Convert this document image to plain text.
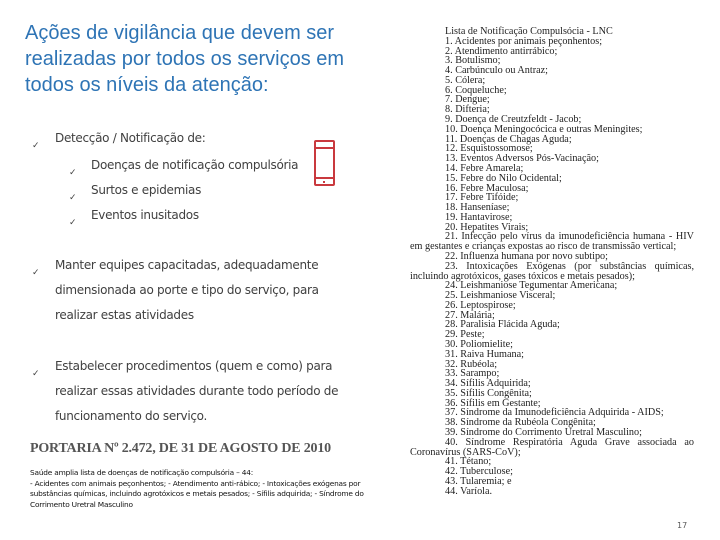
Ações de vigilância que devem ser realizadas por todos os serviços em todos os níveis da atenção:
✓
Detecção / Notificação de:
✓
Doenças de notificação compulsória
✓
Surtos e epidemias
✓
Eventos inusitados
✓
Manter equipes capacitadas, adequadamente
dimensionada ao porte e tipo do serviço, para
realizar estas atividades
✓
Estabelecer procedimentos (quem e como) para
realizar essas atividades durante todo período de
funcionamento do serviço.
PORTARIA Nº 2.472, DE 31 DE AGOSTO DE 2010
Saúde amplia lista de doenças de notificação compulsória – 44:
- Acidentes com animais peçonhentos; - Atendimento anti-rábico; - Intoxicações exógenas por substâncias químicas, incluindo agrotóxicos e metais pesados; - Sífilis adquirida; - Síndrome do Corrimento Uretral Masculino
Lista de Notificação Compulsócia - LNC

1. Acidentes por animais peçonhentos;

2. Atendimento antirrábico;

3. Botulismo;

4. Carbúnculo ou Antraz;

5. Cólera;

6. Coqueluche;

7. Dengue;

8. Difteria;

9. Doença de Creutzfeldt - Jacob;

10. Doença Meningocócica e outras Meningites;

11. Doenças de Chagas Aguda;

12. Esquistossomose;

13. Eventos Adversos Pós-Vacinação;

14. Febre Amarela;

15. Febre do Nilo Ocidental;

16. Febre Maculosa;

17. Febre Tifóide;

18. Hanseníase;

19. Hantavirose;

20. Hepatites Virais;

21. Infecção pelo vírus da imunodeficiência humana - HIV em gestantes e crianças expostas ao risco de transmissão vertical;

22. Influenza humana por novo subtipo;

23. Intoxicações Exógenas (por substâncias químicas, incluindo agrotóxicos, gases tóxicos e metais pesados);

24. Leishmaniose Tegumentar Americana;

25. Leishmaniose Visceral;

26. Leptospirose;

27. Malária;

28. Paralisia Flácida Aguda;

29. Peste;

30. Poliomielite;

31. Raiva Humana;

32. Rubéola;

33. Sarampo;

34. Sífilis Adquirida;

35. Sífilis Congênita;

36. Sífilis em Gestante;

37. Síndrome da Imunodeficiência Adquirida - AIDS;

38. Síndrome da Rubéola Congênita;

39. Síndrome do Corrimento Uretral Masculino;

40. Síndrome Respiratória Aguda Grave associada ao Coronavírus (SARS-CoV);

41. Tétano;

42. Tuberculose;

43. Tularemia; e

44. Varíola.

17
